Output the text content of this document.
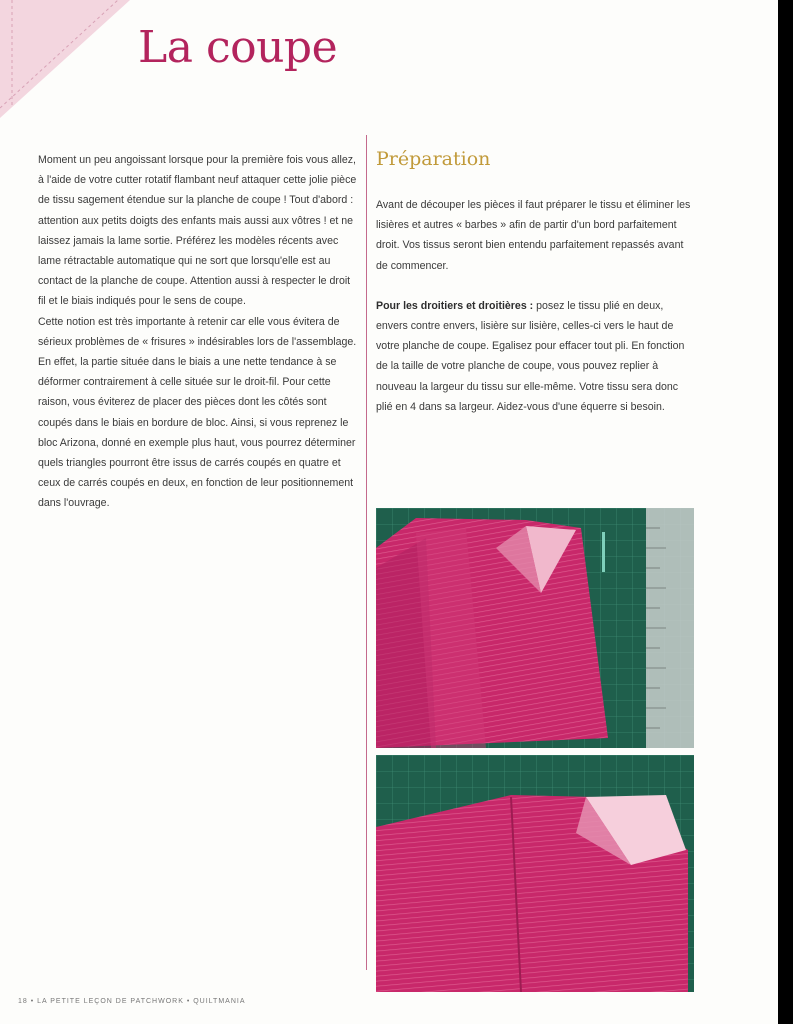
La coupe

Moment un peu angoissant lorsque pour la première fois vous allez, à l'aide de votre cutter rotatif flambant neuf attaquer cette jolie pièce de tissu sagement étendue sur la planche de coupe ! Tout d'abord : attention aux petits doigts des enfants mais aussi aux vôtres ! et ne laissez jamais la lame sortie. Préférez les modèles récents avec lame rétractable automatique qui ne sort que lorsqu'elle est au contact de la planche de coupe. Attention aussi à respecter le droit fil et le biais indiqués pour le sens de coupe.

Cette notion est très importante à retenir car elle vous évitera de sérieux problèmes de « frisures » indésirables lors de l'assemblage.

En effet, la partie située dans le biais a une nette tendance à se déformer contrairement à celle située sur le droit-fil. Pour cette raison, vous éviterez de placer des pièces dont les côtés sont coupés dans le biais en bordure de bloc. Ainsi, si vous reprenez le bloc Arizona, donné en exemple plus haut, vous pourrez déterminer quels triangles pourront être issus de carrés coupés en quatre et ceux de carrés coupés en deux, en fonction de leur positionnement dans l'ouvrage.

Préparation

Avant de découper les pièces il faut préparer le tissu et éliminer les lisières et autres « barbes » afin de partir d'un bord parfaitement droit. Vos tissus seront bien entendu parfaitement repassés avant de commencer.

Pour les droitiers et droitières : posez le tissu plié en deux, envers contre envers, lisière sur lisière, celles-ci vers le haut de votre planche de coupe. Egalisez pour effacer tout pli. En fonction de la taille de votre planche de coupe, vous pouvez replier à nouveau la largeur du tissu sur elle-même. Votre tissu sera donc plié en 4 dans sa largeur. Aidez-vous d'une équerre si besoin.

18 • LA PETITE LEÇON DE PATCHWORK • QUILTMANIA
